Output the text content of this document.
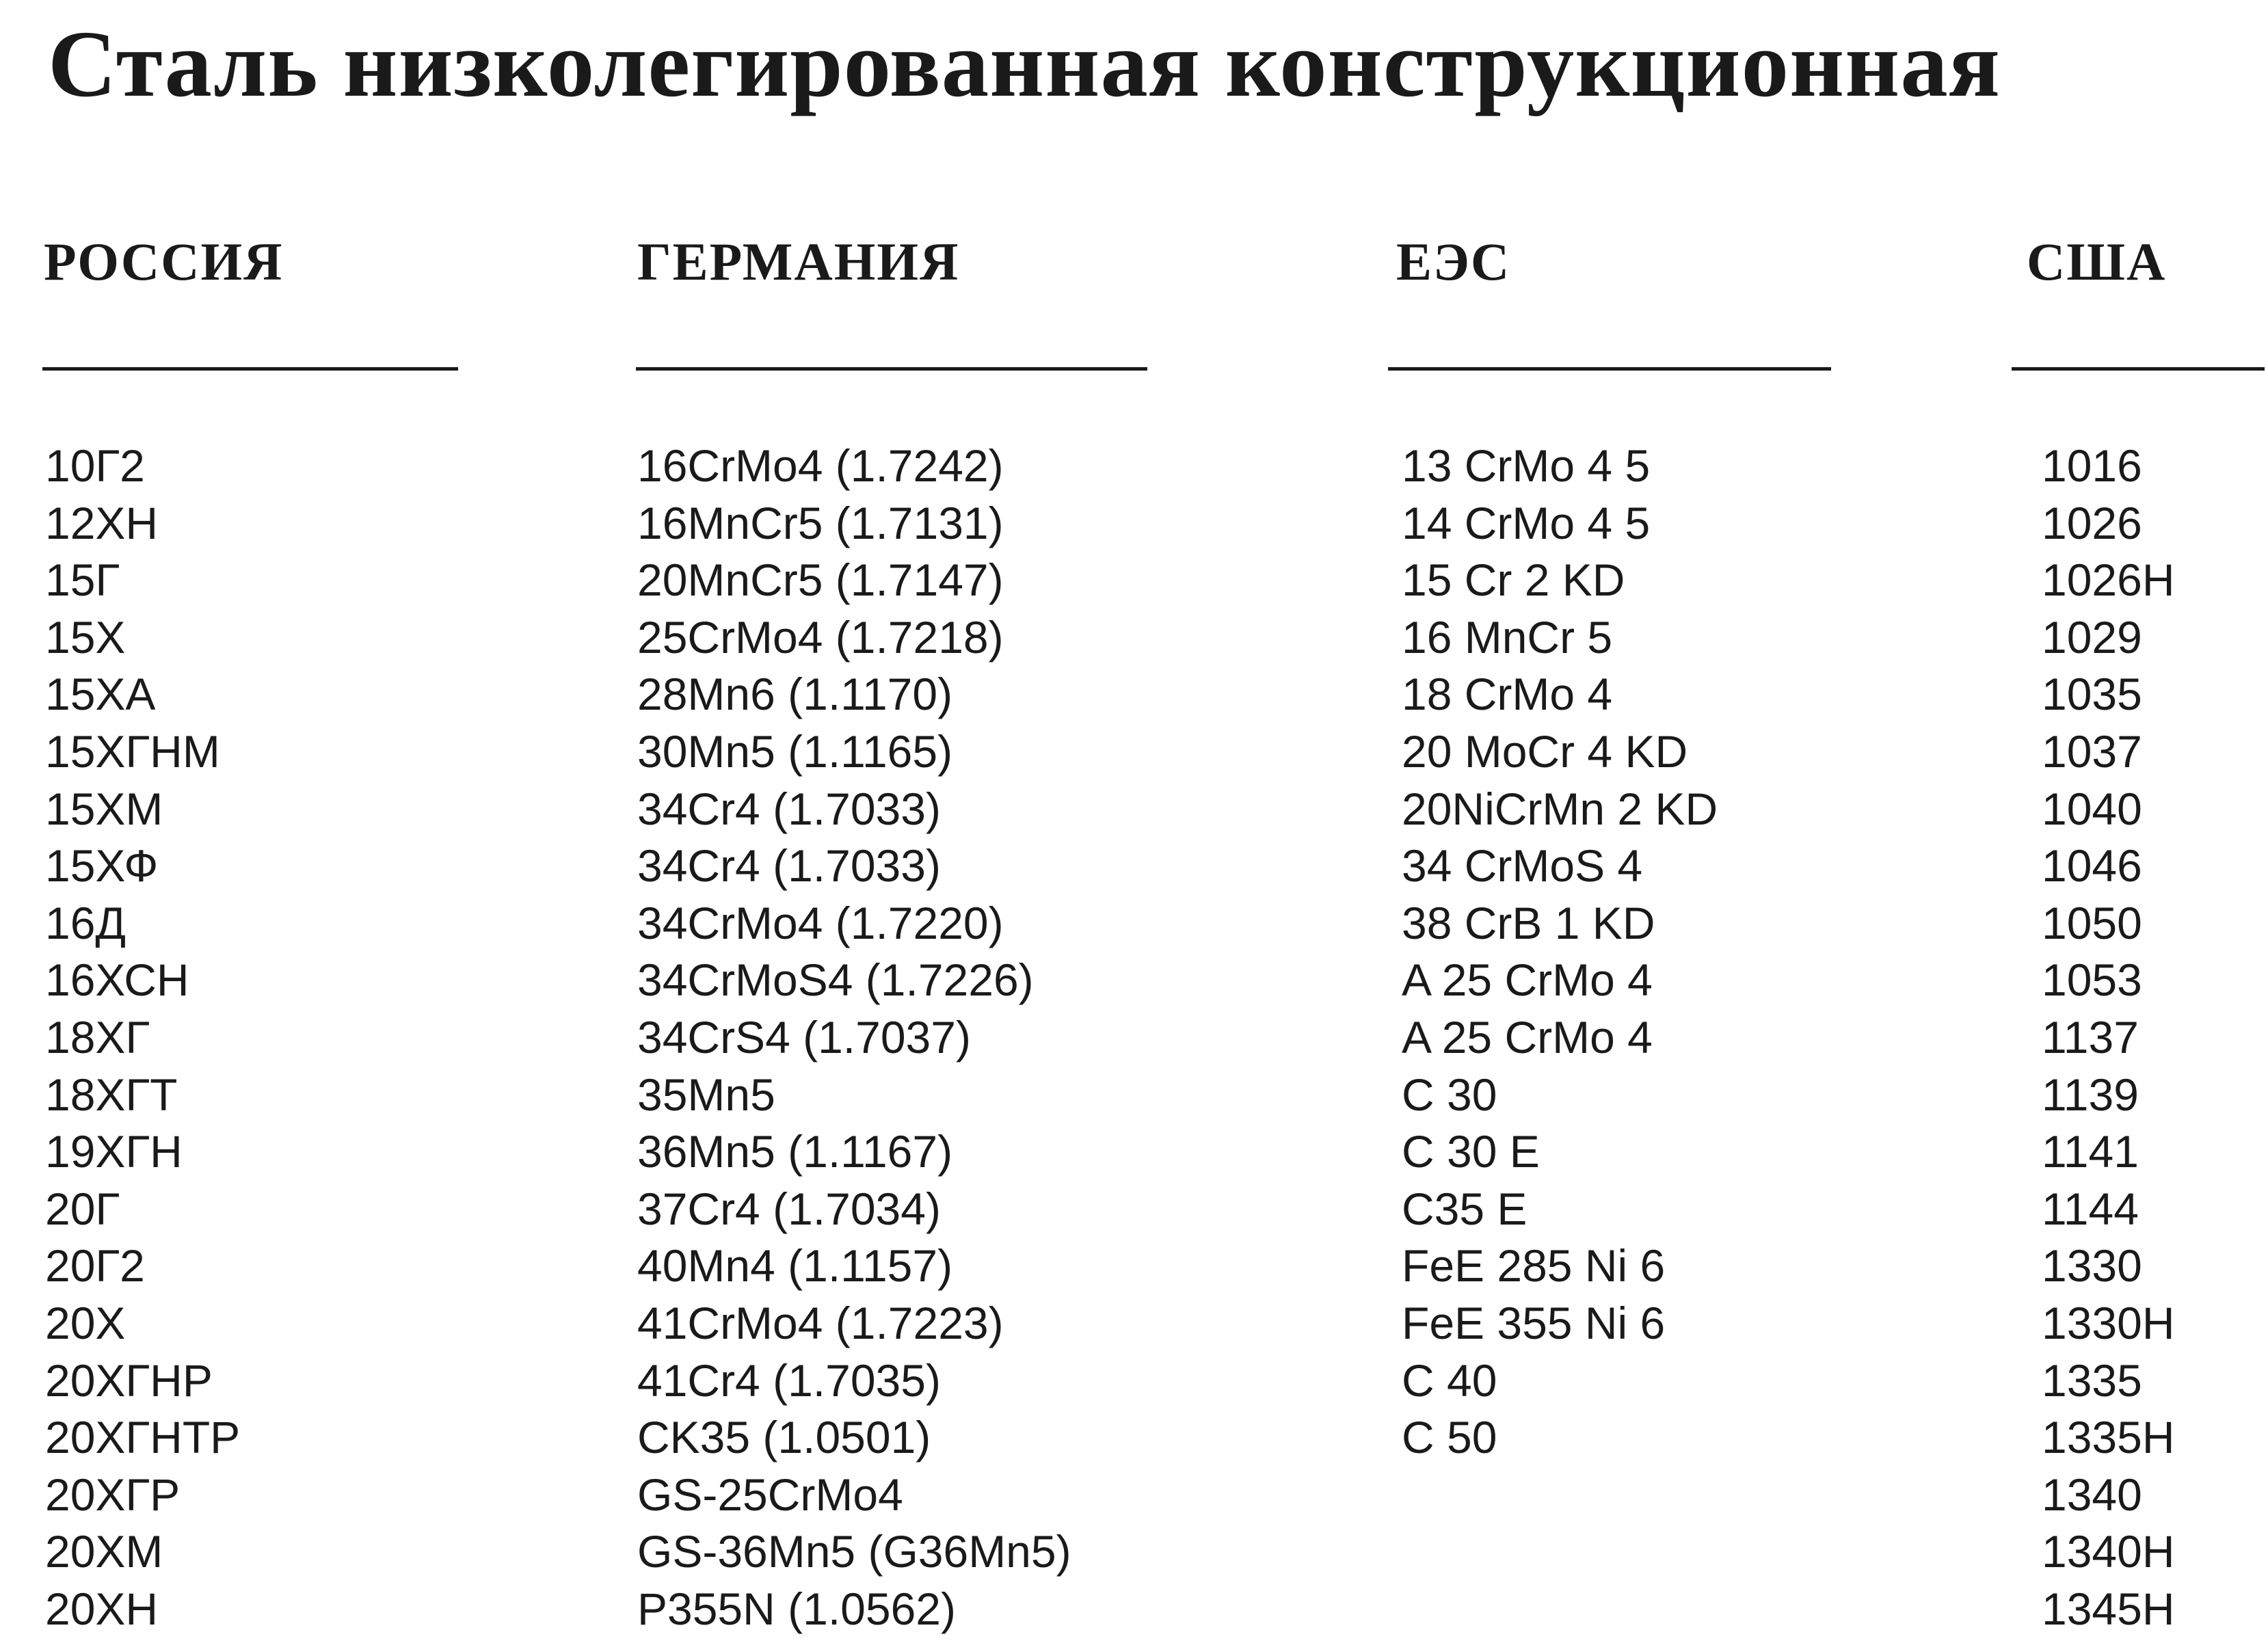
Сталь низколегированная конструкционная
РОССИЯ
10Г2
12ХН
15Г
15Х
15ХА
15ХГНМ
15ХМ
15ХФ
16Д
16ХСН
18ХГ
18ХГТ
19ХГН
20Г
20Г2
20Х
20ХГНР
20ХГНТР
20ХГР
20ХМ
20ХН
ГЕРМАНИЯ
16CrMo4 (1.7242)
16MnCr5 (1.7131)
20MnCr5 (1.7147)
25CrMo4 (1.7218)
28Mn6 (1.1170)
30Mn5 (1.1165)
34Cr4 (1.7033)
34Cr4 (1.7033)
34CrMo4 (1.7220)
34CrMoS4 (1.7226)
34CrS4 (1.7037)
35Mn5
36Mn5 (1.1167)
37Cr4 (1.7034)
40Mn4 (1.1157)
41CrMo4 (1.7223)
41Cr4 (1.7035)
CK35 (1.0501)
GS-25CrMo4
GS-36Mn5 (G36Mn5)
P355N (1.0562)
ЕЭС
13 CrMo 4 5
14 CrMo 4 5
15 Cr 2 KD
16 MnCr 5
18 CrMo 4
20 MoCr 4 KD
20NiCrMn 2 KD
34 CrMoS 4
38 CrB 1 KD
A 25 CrMo 4
A 25 CrMo 4
C 30
C 30 E
C35 E
FeE 285 Ni 6
FeE 355 Ni 6
C 40
C 50
США
1016
1026
1026H
1029
1035
1037
1040
1046
1050
1053
1137
1139
1141
1144
1330
1330H
1335
1335H
1340
1340H
1345H
